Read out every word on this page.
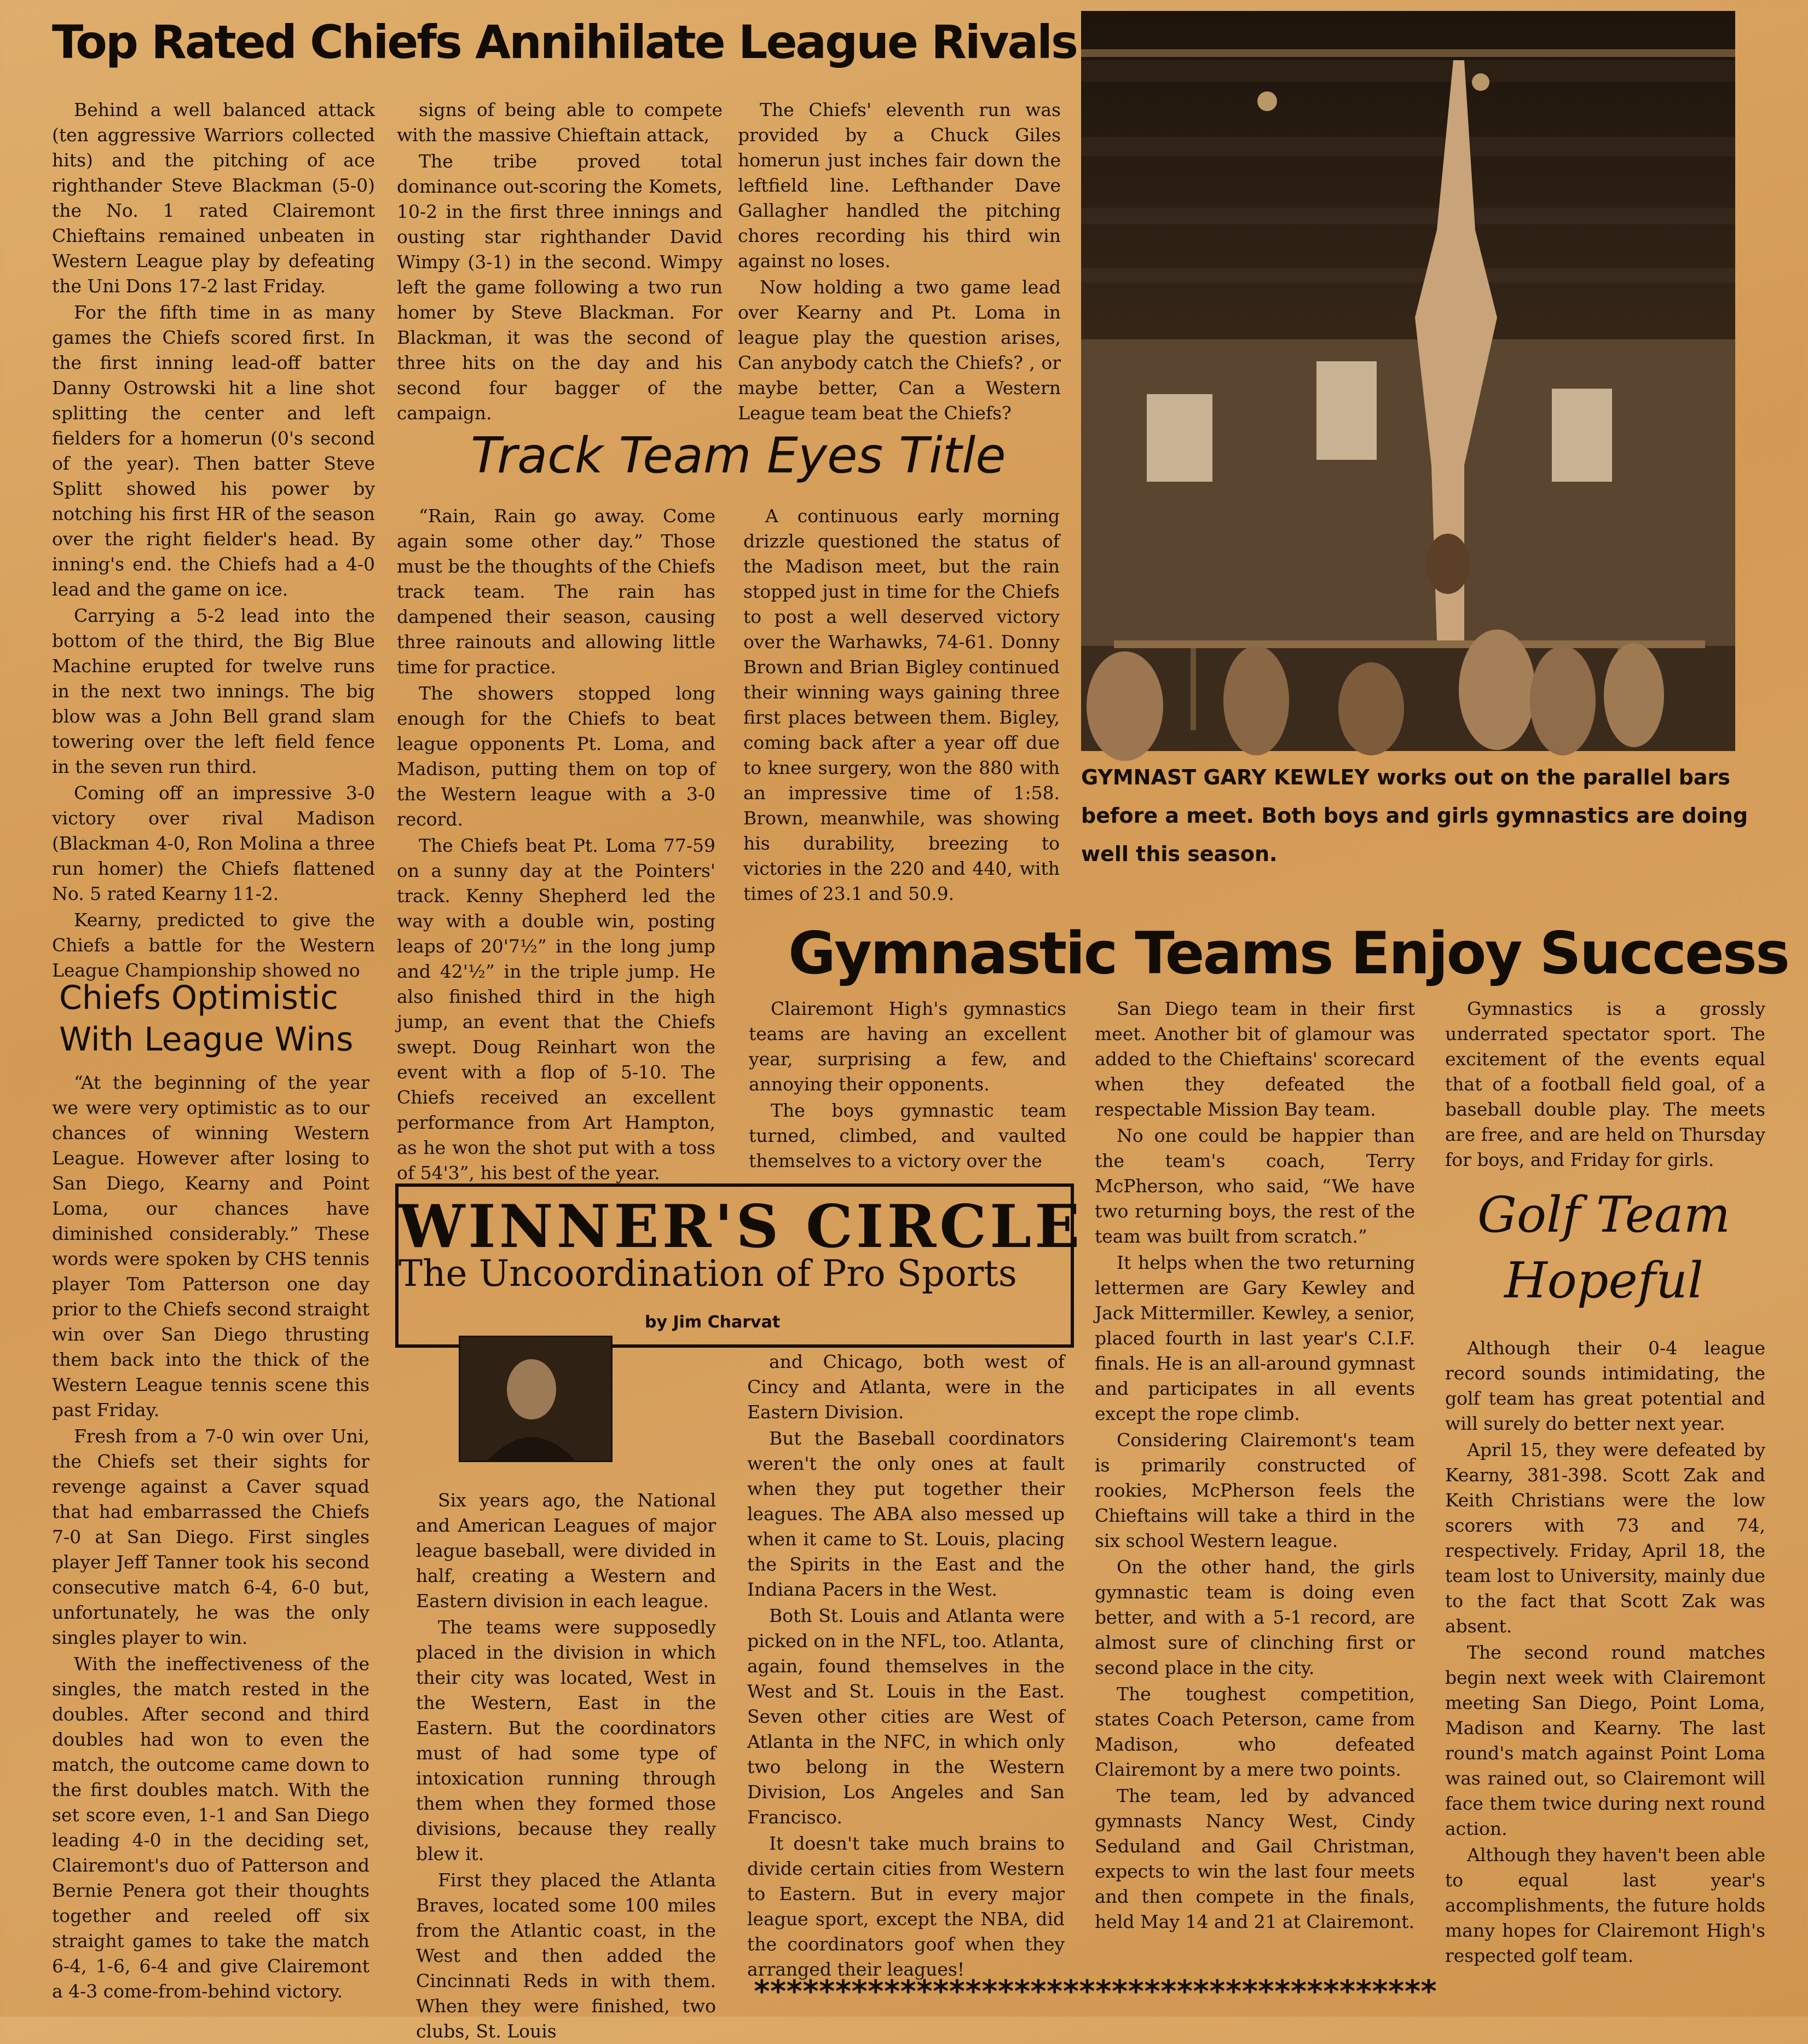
Top Rated Chiefs Annihilate League Rivals

Behind a well balanced attack (ten aggressive Warriors collected hits) and the pitching of ace righthander Steve Blackman (5-0) the No. 1 rated Clairemont Chieftains remained unbeaten in Western League play by defeating the Uni Dons 17-2 last Friday.

For the fifth time in as many games the Chiefs scored first. In the first inning lead-off batter Danny Ostrowski hit a line shot splitting the center and left fielders for a homerun (0's second of the year). Then batter Steve Splitt showed his power by notching his first HR of the season over the right fielder's head. By inning's end. the Chiefs had a 4-0 lead and the game on ice.

Carrying a 5-2 lead into the bottom of the third, the Big Blue Machine erupted for twelve runs in the next two innings. The big blow was a John Bell grand slam towering over the left field fence in the seven run third.

Coming off an impressive 3-0 victory over rival Madison (Blackman 4-0, Ron Molina a three run homer) the Chiefs flattened No. 5 rated Kearny 11-2.

Kearny, predicted to give the Chiefs a battle for the Western League Championship showed no

signs of being able to compete with the massive Chieftain attack,

The tribe proved total dominance out-scoring the Komets, 10-2 in the first three innings and ousting star righthander David Wimpy (3-1) in the second. Wimpy left the game following a two run homer by Steve Blackman. For Blackman, it was the second of three hits on the day and his second four bagger of the campaign.

The Chiefs' eleventh run was provided by a Chuck Giles homerun just inches fair down the leftfield line. Lefthander Dave Gallagher handled the pitching chores recording his third win against no loses.

Now holding a two game lead over Kearny and Pt. Loma in league play the question arises, Can anybody catch the Chiefs? , or maybe better, Can a Western League team beat the Chiefs?

GYMNAST GARY KEWLEY works out on the parallel bars before a meet. Both boys and girls gymnastics are doing well this season.
Track Team Eyes Title

“Rain, Rain go away. Come again some other day.” Those must be the thoughts of the Chiefs track team. The rain has dampened their season, causing three rainouts and allowing little time for practice.

The showers stopped long enough for the Chiefs to beat league opponents Pt. Loma, and Madison, putting them on top of the Western league with a 3-0 record.

The Chiefs beat Pt. Loma 77-59 on a sunny day at the Pointers' track. Kenny Shepherd led the way with a double win, posting leaps of 20'7½” in the long jump and 42'½” in the triple jump. He also finished third in the high jump, an event that the Chiefs swept. Doug Reinhart won the event with a flop of 5-10. The Chiefs received an excellent performance from Art Hampton, as he won the shot put with a toss of 54'3”, his best of the year.

A continuous early morning drizzle questioned the status of the Madison meet, but the rain stopped just in time for the Chiefs to post a well deserved victory over the Warhawks, 74-61. Donny Brown and Brian Bigley continued their winning ways gaining three first places between them. Bigley, coming back after a year off due to knee surgery, won the 880 with an impressive time of 1:58. Brown, meanwhile, was showing his durability, breezing to victories in the 220 and 440, with times of 23.1 and 50.9.

Chiefs Optimistic With League Wins

“At the beginning of the year we were very optimistic as to our chances of winning Western League. However after losing to San Diego, Kearny and Point Loma, our chances have diminished considerably.” These words were spoken by CHS tennis player Tom Patterson one day prior to the Chiefs second straight win over San Diego thrusting them back into the thick of the Western League tennis scene this past Friday.

Fresh from a 7-0 win over Uni, the Chiefs set their sights for revenge against a Caver squad that had embarrassed the Chiefs 7-0 at San Diego. First singles player Jeff Tanner took his second consecutive match 6-4, 6-0 but, unfortunately, he was the only singles player to win.

With the ineffectiveness of the singles, the match rested in the doubles. After second and third doubles had won to even the match, the outcome came down to the first doubles match. With the set score even, 1-1 and San Diego leading 4-0 in the deciding set, Clairemont's duo of Patterson and Bernie Penera got their thoughts together and reeled off six straight games to take the match 6-4, 1-6, 6-4 and give Clairemont a 4-3 come-from-behind victory.

Gymnastic Teams Enjoy Success

Clairemont High's gymnastics teams are having an excellent year, surprising a few, and annoying their opponents.

The boys gymnastic team turned, climbed, and vaulted themselves to a victory over the

WINNER'S CIRCLE
The Uncoordination of Pro Sports
by Jim Charvat

Six years ago, the National and American Leagues of major league baseball, were divided in half, creating a Western and Eastern division in each league.

The teams were supposedly placed in the division in which their city was located, West in the Western, East in the Eastern. But the coordinators must of had some type of intoxication running through them when they formed those divisions, because they really blew it.

First they placed the Atlanta Braves, located some 100 miles from the Atlantic coast, in the West and then added the Cincinnati Reds in with them. When they were finished, two clubs, St. Louis

and Chicago, both west of Cincy and Atlanta, were in the Eastern Division.

But the Baseball coordinators weren't the only ones at fault when they put together their leagues. The ABA also messed up when it came to St. Louis, placing the Spirits in the East and the Indiana Pacers in the West.

Both St. Louis and Atlanta were picked on in the NFL, too. Atlanta, again, found themselves in the West and St. Louis in the East. Seven other cities are West of Atlanta in the NFC, in which only two belong in the Western Division, Los Angeles and San Francisco.

It doesn't take much brains to divide certain cities from Western to Eastern. But in every major league sport, except the NBA, did the coordinators goof when they arranged their leagues!

San Diego team in their first meet. Another bit of glamour was added to the Chieftains' scorecard when they defeated the respectable Mission Bay team.

No one could be happier than the team's coach, Terry McPherson, who said, “We have two returning boys, the rest of the team was built from scratch.”

It helps when the two returning lettermen are Gary Kewley and Jack Mittermiller. Kewley, a senior, placed fourth in last year's C.I.F. finals. He is an all-around gymnast and participates in all events except the rope climb.

Considering Clairemont's team is primarily constructed of rookies, McPherson feels the Chieftains will take a third in the six school Western league.

On the other hand, the girls gymnastic team is doing even better, and with a 5-1 record, are almost sure of clinching first or second place in the city.

The toughest competition, states Coach Peterson, came from Madison, who defeated Clairemont by a mere two points.

The team, led by advanced gymnasts Nancy West, Cindy Seduland and Gail Christman, expects to win the last four meets and then compete in the finals, held May 14 and 21 at Clairemont.

Gymnastics is a grossly underrated spectator sport. The excitement of the events equal that of a football field goal, of a baseball double play. The meets are free, and are held on Thursday for boys, and Friday for girls.

Golf Team Hopeful

Although their 0-4 league record sounds intimidating, the golf team has great potential and will surely do better next year.

April 15, they were defeated by Kearny, 381-398. Scott Zak and Keith Christians were the low scorers with 73 and 74, respectively. Friday, April 18, the team lost to University, mainly due to the fact that Scott Zak was absent.

The second round matches begin next week with Clairemont meeting San Diego, Point Loma, Madison and Kearny. The last round's match against Point Loma was rained out, so Clairemont will face them twice during next round action.

Although they haven't been able to equal last year's accomplishments, the future holds many hopes for Clairemont High's respected golf team.

******************************************
